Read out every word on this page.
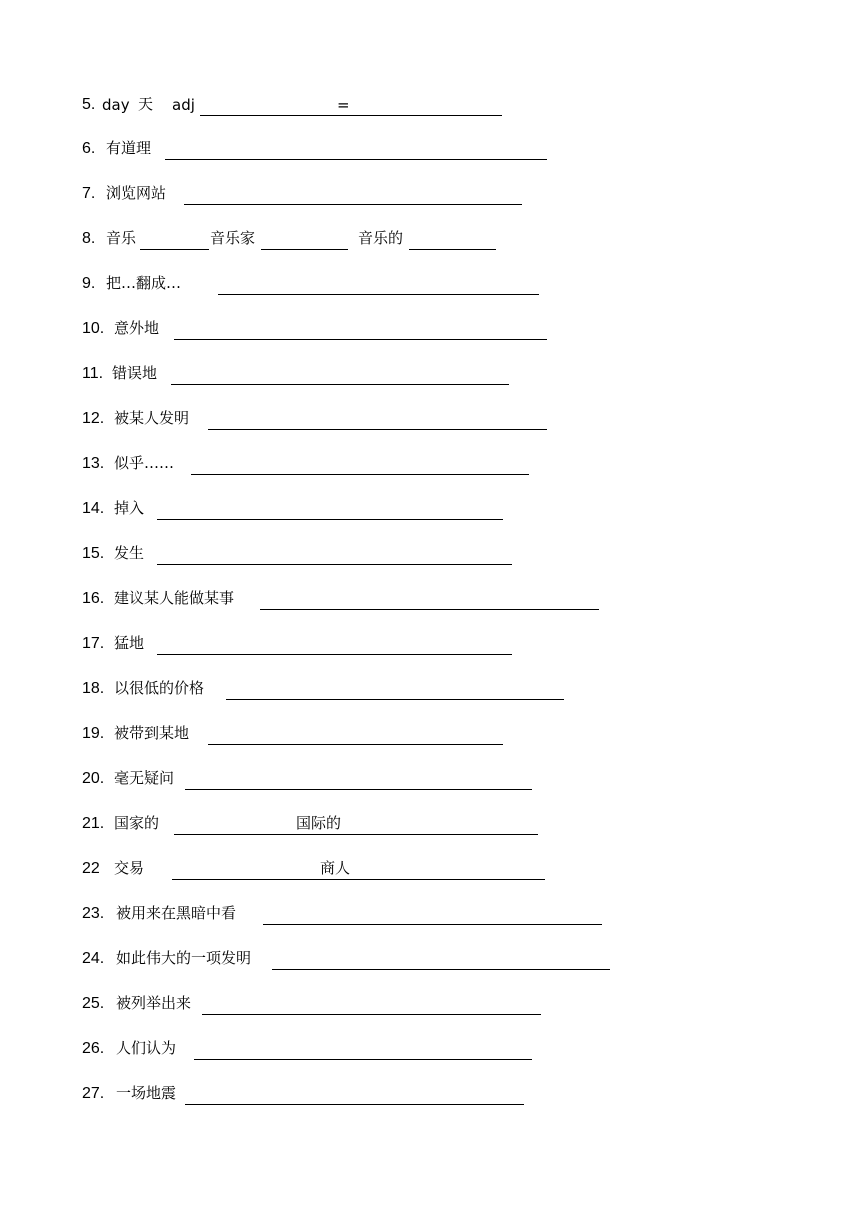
5. day 天 adj	=
6. 有道理
7. 浏览网站
8. 音乐	音乐家	音乐的
9. 把…翻成…
10. 意外地
11. 错误地
12. 被某人发明
13. 似乎……
14. 掉入
15. 发生
16. 建议某人能做某事
17. 猛地
18. 以很低的价格
19. 被带到某地
20. 毫无疑问
21. 国家的	国际的
22 交易	商人
23. 被用来在黑暗中看
24. 如此伟大的一项发明
25. 被列举出来
26. 人们认为
27. 一场地震
